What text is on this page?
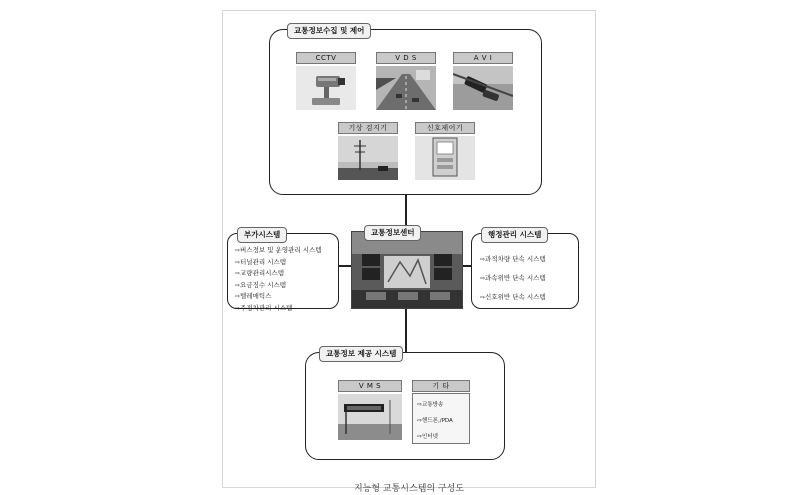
CCTV	V D S	A V I
기상 검지기	신호제어기
교통정보수집 및 제어
⇨ 버스정보 및 운영관리 시스템
⇨ 터널관리 시스템
⇨ 교량관리시스템
⇨ 요금징수 시스템
⇨ 텔레매틱스
⇨ 주정차관리 시스템
부가시스템	교통정보센터
⇨ 과적차량 단속 시스템
⇨ 과속위반 단속 시스템
⇨ 신호위반 단속 시스템
행정관리 시스템
V M S	기 타
⇨ 교통방송
⇨ 핸드폰,/PDA
⇨ 인터넷
교통정보 제공 시스템
지능형 교통시스템의 구성도
